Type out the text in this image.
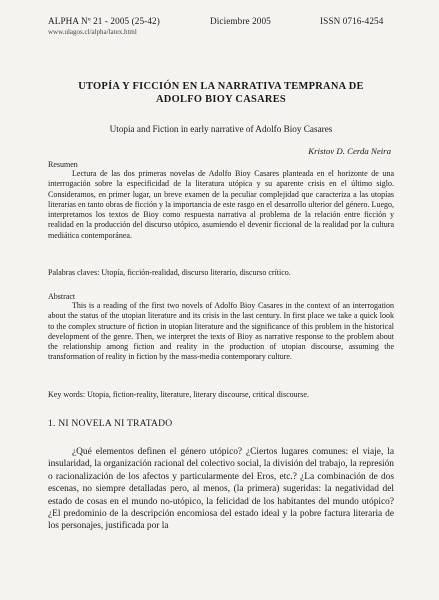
ALPHA Nº 21 - 2005 (25-42)	Diciembre 2005	ISSN 0716-4254
www.ulagos.cl/alpha/latex.html
UTOPÍA Y FICCIÓN EN LA NARRATIVA TEMPRANA DE
ADOLFO BIOY CASARES
Utopia and Fiction in early narrative of Adolfo Bioy Casares
Kristov D. Cerda Neira

Resumen

Lectura de las dos primeras novelas de Adolfo Bioy Casares planteada en el horizonte de una interrogación sobre la especificidad de la literatura utópica y su aparente crisis en el último siglo. Consideramos, en primer lugar, un breve examen de la peculiar complejidad que caracteriza a las utopías literarias en tanto obras de ficción y la importancia de este rasgo en el desarrollo ulterior del género. Luego, interpretamos los textos de Bioy como respuesta narrativa al problema de la relación entre ficción y realidad en la producción del discurso utópico, asumiendo el devenir ficcional de la realidad por la cultura mediática contemporánea.

Palabras claves: Utopía, ficción-realidad, discurso literario, discurso crítico.

Abstract

This is a reading of the first two novels of Adolfo Bioy Casares in the context of an interrogation about the status of the utopian literature and its crisis in the last century. In first place we take a quick look to the complex structure of fiction in utopian literature and the significance of this problem in the historical development of the genre. Then, we interpret the texts of Bioy as narrative response to the problem about the relationship among fiction and reality in the production of utopian discourse, assuming the transformation of reality in fiction by the mass-media contemporary culture.

Key words: Utopia, fiction-reality, literature, literary discourse, critical discourse.

1. NI NOVELA NI TRATADO

¿Qué elementos definen el género utópico? ¿Ciertos lugares comunes: el viaje, la insularidad, la organización racional del colectivo social, la división del trabajo, la represión o racionalización de los afectos y particularmente del Eros, etc.? ¿La combinación de dos escenas, no siempre detalladas pero, al menos, (la primera) sugeridas: la negatividad del estado de cosas en el mundo no-utópico, la felicidad de los habitantes del mundo utópico? ¿El predominio de la descripción encomiosa del estado ideal y la pobre factura literaria de los personajes, justificada por la
